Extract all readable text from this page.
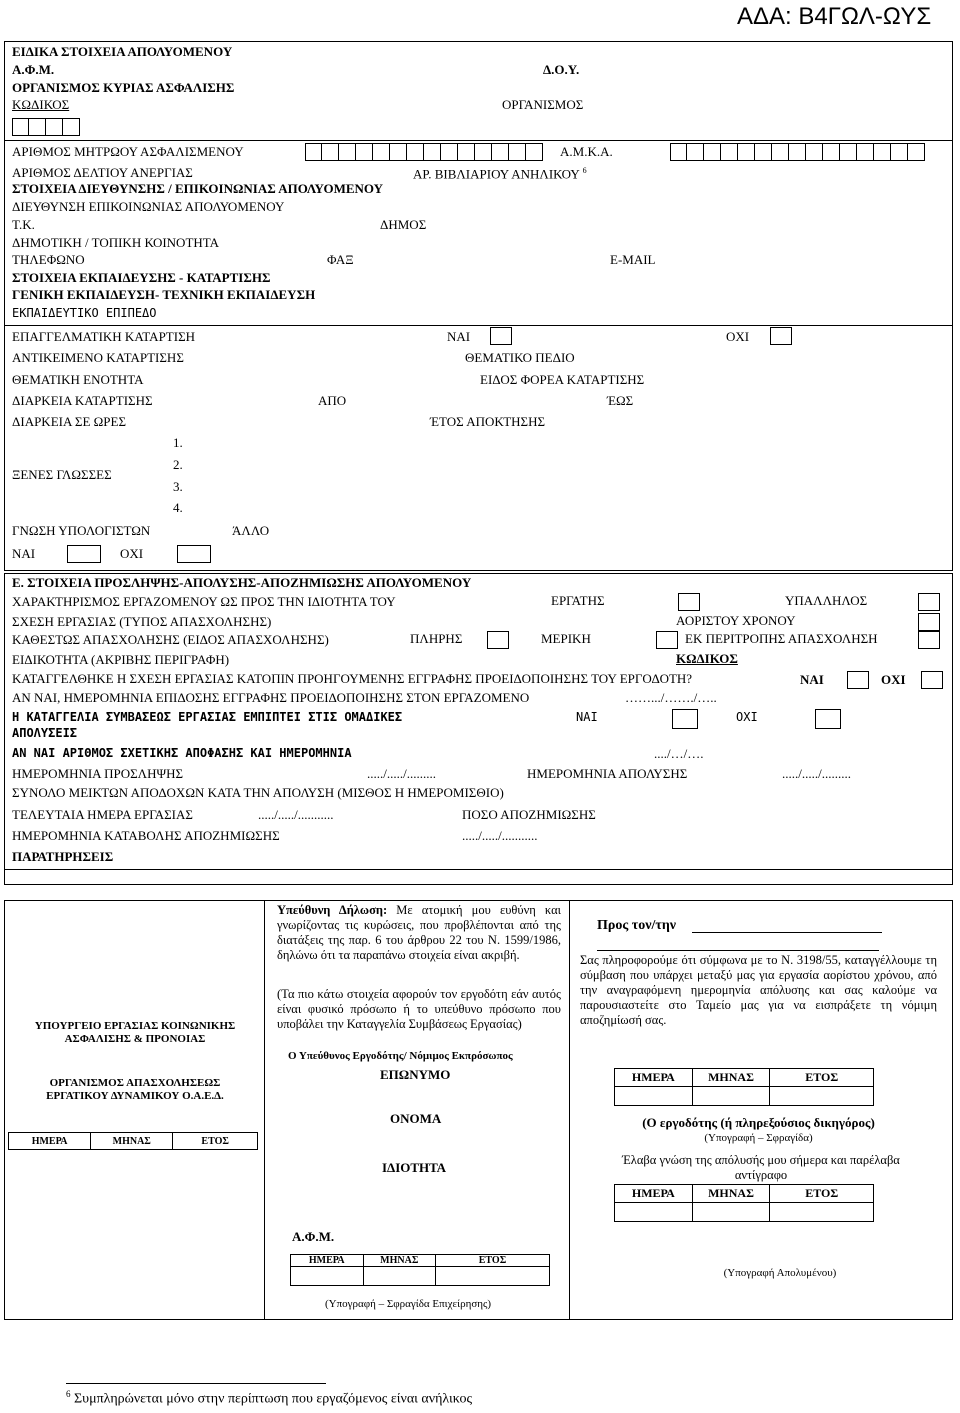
ΑΔΑ: Β4ΓΩΛ-ΩΥΣ
ΕΙΔΙΚΑ ΣΤΟΙΧΕΙΑ ΑΠΟΛΥΟΜΕΝΟΥ
Α.Φ.Μ.	Δ.Ο.Υ.
ΟΡΓΑΝΙΣΜΟΣ ΚΥΡΙΑΣ ΑΣΦΑΛΙΣΗΣ
ΚΩΔΙΚΟΣ	ΟΡΓΑΝΙΣΜΟΣ
ΑΡΙΘΜΟΣ ΜΗΤΡΩΟΥ ΑΣΦΑΛΙΣΜΕΝΟΥ	Α.Μ.Κ.Α.
ΑΡΙΘΜΟΣ ΔΕΛΤΙΟΥ ΑΝΕΡΓΙΑΣ	ΑΡ. ΒΙΒΛΙΑΡΙΟΥ ΑΝΗΛΙΚΟΥ $^6$
ΣΤΟΙΧΕΙΑ ΔΙΕΥΘΥΝΣΗΣ / ΕΠΙΚΟΙΝΩΝΙΑΣ ΑΠΟΛΥΟΜΕΝΟΥ
ΔΙΕΥΘΥΝΣΗ ΕΠΙΚΟΙΝΩΝΙΑΣ ΑΠΟΛΥΟΜΕΝΟΥ
Τ.Κ.	ΔΗΜΟΣ
ΔΗΜΟΤΙΚΗ / ΤΟΠΙΚΗ ΚΟΙΝΟΤΗΤΑ
ΤΗΛΕΦΩΝΟ	ΦΑΞ	E-MAIL
ΣΤΟΙΧΕΙΑ ΕΚΠΑΙΔΕΥΣΗΣ - ΚΑΤΑΡΤΙΣΗΣ
ΓΕΝΙΚΗ ΕΚΠΑΙΔΕΥΣΗ- ΤΕΧΝΙΚΗ ΕΚΠΑΙΔΕΥΣΗ
ΕΚΠΑΙΔΕΥΤΙΚΟ ΕΠΙΠΕΔΟ
ΕΠΑΓΓΕΛΜΑΤΙΚΗ ΚΑΤΑΡΤΙΣΗ	ΝΑΙ	ΟΧΙ
ΑΝΤΙΚΕΙΜΕΝΟ ΚΑΤΑΡΤΙΣΗΣ	ΘΕΜΑΤΙΚΟ ΠΕΔΙΟ
ΘΕΜΑΤΙΚΗ ΕΝΟΤΗΤΑ	ΕΙΔΟΣ ΦΟΡΕΑ ΚΑΤΑΡΤΙΣΗΣ
ΔΙΑΡΚΕΙΑ ΚΑΤΑΡΤΙΣΗΣ	ΑΠΟ	ΈΩΣ
ΔΙΑΡΚΕΙΑ ΣΕ ΩΡΕΣ	ΈΤΟΣ ΑΠΟΚΤΗΣΗΣ
ΞΕΝΕΣ ΓΛΩΣΣΕΣ
1.
2.
3.
4.
ΓΝΩΣΗ ΥΠΟΛΟΓΙΣΤΩΝ	ΆΛΛΟ
ΝΑΙ	ΟΧΙ
Ε. ΣΤΟΙΧΕΙΑ ΠΡΟΣΛΗΨΗΣ-ΑΠΟΛΥΣΗΣ-ΑΠΟΖΗΜΙΩΣΗΣ ΑΠΟΛΥΟΜΕΝΟΥ
ΧΑΡΑΚΤΗΡΙΣΜΟΣ ΕΡΓΑΖΟΜΕΝΟΥ ΩΣ ΠΡΟΣ ΤΗΝ ΙΔΙΟΤΗΤΑ ΤΟΥ	ΕΡΓΑΤΗΣ	ΥΠΑΛΛΗΛΟΣ
ΣΧΕΣΗ ΕΡΓΑΣΙΑΣ (ΤΥΠΟΣ ΑΠΑΣΧΟΛΗΣΗΣ)	ΑΟΡΙΣΤΟΥ ΧΡΟΝΟΥ
ΚΑΘΕΣΤΩΣ ΑΠΑΣΧΟΛΗΣΗΣ (ΕΙΔΟΣ ΑΠΑΣΧΟΛΗΣΗΣ)	ΠΛΗΡΗΣ	ΜΕΡΙΚΗ	ΕΚ ΠΕΡΙΤΡΟΠΗΣ ΑΠΑΣΧΟΛΗΣΗ
ΕΙΔΙΚΟΤΗΤΑ (ΑΚΡΙΒΗΣ ΠΕΡΙΓΡΑΦΗ)	ΚΩΔΙΚΟΣ
ΚΑΤΑΓΓΕΛΘΗΚΕ Η ΣΧΕΣΗ ΕΡΓΑΣΙΑΣ ΚΑΤΟΠΙΝ ΠΡΟΗΓΟΥΜΕΝΗΣ ΕΓΓΡΑΦΗΣ ΠΡΟΕΙΔΟΠΟΙΗΣΗΣ ΤΟΥ ΕΡΓΟΔΟΤΗ?	ΝΑΙ	ΟΧΙ
ΑΝ ΝΑΙ, ΗΜΕΡΟΜΗΝΙΑ ΕΠΙΔΟΣΗΣ ΕΓΓΡΑΦΗΣ ΠΡΟΕΙΔΟΠΟΙΗΣΗΣ ΣΤΟΝ ΕΡΓΑΖΟΜΕΝΟ	…….../……./…..
Η ΚΑΤΑΓΓΕΛΙΑ ΣΥΜΒΑΣΕΩΣ ΕΡΓΑΣΙΑΣ ΕΜΠΙΠΤΕΙ ΣΤΙΣ ΟΜΑΔΙΚΕΣ
ΑΠΟΛΥΣΕΙΣ
ΝΑΙ	ΟΧΙ
ΑΝ ΝΑΙ ΑΡΙΘΜΟΣ ΣΧΕΤΙΚΗΣ ΑΠΟΦΑΣΗΣ ΚΑΙ ΗΜΕΡΟΜΗΝΙΑ	..../…/….
ΗΜΕΡΟΜΗΝΙΑ ΠΡΟΣΛΗΨΗΣ	...../...../.........	ΗΜΕΡΟΜΗΝΙΑ ΑΠΟΛΥΣΗΣ	...../...../.........
ΣΥΝΟΛΟ ΜΕΙΚΤΩΝ ΑΠΟΔΟΧΩΝ ΚΑΤΑ ΤΗΝ ΑΠΟΛΥΣΗ (ΜΙΣΘΟΣ Η ΗΜΕΡΟΜΙΣΘΙΟ)
ΤΕΛΕΥΤΑΙΑ ΗΜΕΡΑ ΕΡΓΑΣΙΑΣ	...../...../...........	ΠΟΣΟ ΑΠΟΖΗΜΙΩΣΗΣ
ΗΜΕΡΟΜΗΝΙΑ ΚΑΤΑΒΟΛΗΣ ΑΠΟΖΗΜΙΩΣΗΣ	...../...../...........
ΠΑΡΑΤΗΡΗΣΕΙΣ
ΥΠΟΥΡΓΕΙΟ ΕΡΓΑΣΙΑΣ ΚΟΙΝΩΝΙΚΗΣ ΑΣΦΑΛΙΣΗΣ & ΠΡΟΝΟΙΑΣ
ΟΡΓΑΝΙΣΜΟΣ ΑΠΑΣΧΟΛΗΣΕΩΣ ΕΡΓΑΤΙΚΟΥ ΔΥΝΑΜΙΚΟΥ Ο.Α.Ε.Δ.
ΗΜΕΡΑ	ΜΗΝΑΣ	ΕΤΟΣ
Υπεύθυνη Δήλωση: Με ατομική μου ευθύνη και γνωρίζοντας τις κυρώσεις, που προβλέπονται από της διατάξεις της παρ. 6 του άρθρου 22 του Ν. 1599/1986, δηλώνω ότι τα παραπάνω στοιχεία είναι ακριβή.
(Τα πιο κάτω στοιχεία αφορούν τον εργοδότη εάν αυτός είναι φυσικό πρόσωπο ή το υπεύθυνο πρόσωπο που υποβάλει την Καταγγελία Συμβάσεως Εργασίας)
Ο Υπεύθυνος Εργοδότης/ Νόμιμος Εκπρόσωπος
ΕΠΩΝΥΜΟ
ΟΝΟΜΑ
ΙΔΙΟΤΗΤΑ
Α.Φ.Μ.
ΗΜΕΡΑ	ΜΗΝΑΣ	ΕΤΟΣ

(Υπογραφή – Σφραγίδα Επιχείρησης)
Προς τον/την
Σας πληροφορούμε ότι σύμφωνα με το Ν. 3198/55, καταγγέλλουμε τη σύμβαση που υπάρχει μεταξύ μας για εργασία αορίστου χρόνου, από την αναγραφόμενη ημερομηνία απόλυσης και σας καλούμε να παρουσιαστείτε στο Ταμείο μας για να εισπράξετε τη νόμιμη αποζημίωσή σας.
ΗΜΕΡΑ	ΜΗΝΑΣ	ΕΤΟΣ

(Ο εργοδότης (ή πληρεξούσιος δικηγόρος)
(Υπογραφή – Σφραγίδα)
Έλαβα γνώση της απόλυσής μου σήμερα και παρέλαβα αντίγραφο
ΗΜΕΡΑ	ΜΗΝΑΣ	ΕΤΟΣ

(Υπογραφή Απολυμένου)
$^6$ Συμπληρώνεται μόνο στην περίπτωση που εργαζόμενος είναι ανήλικος
